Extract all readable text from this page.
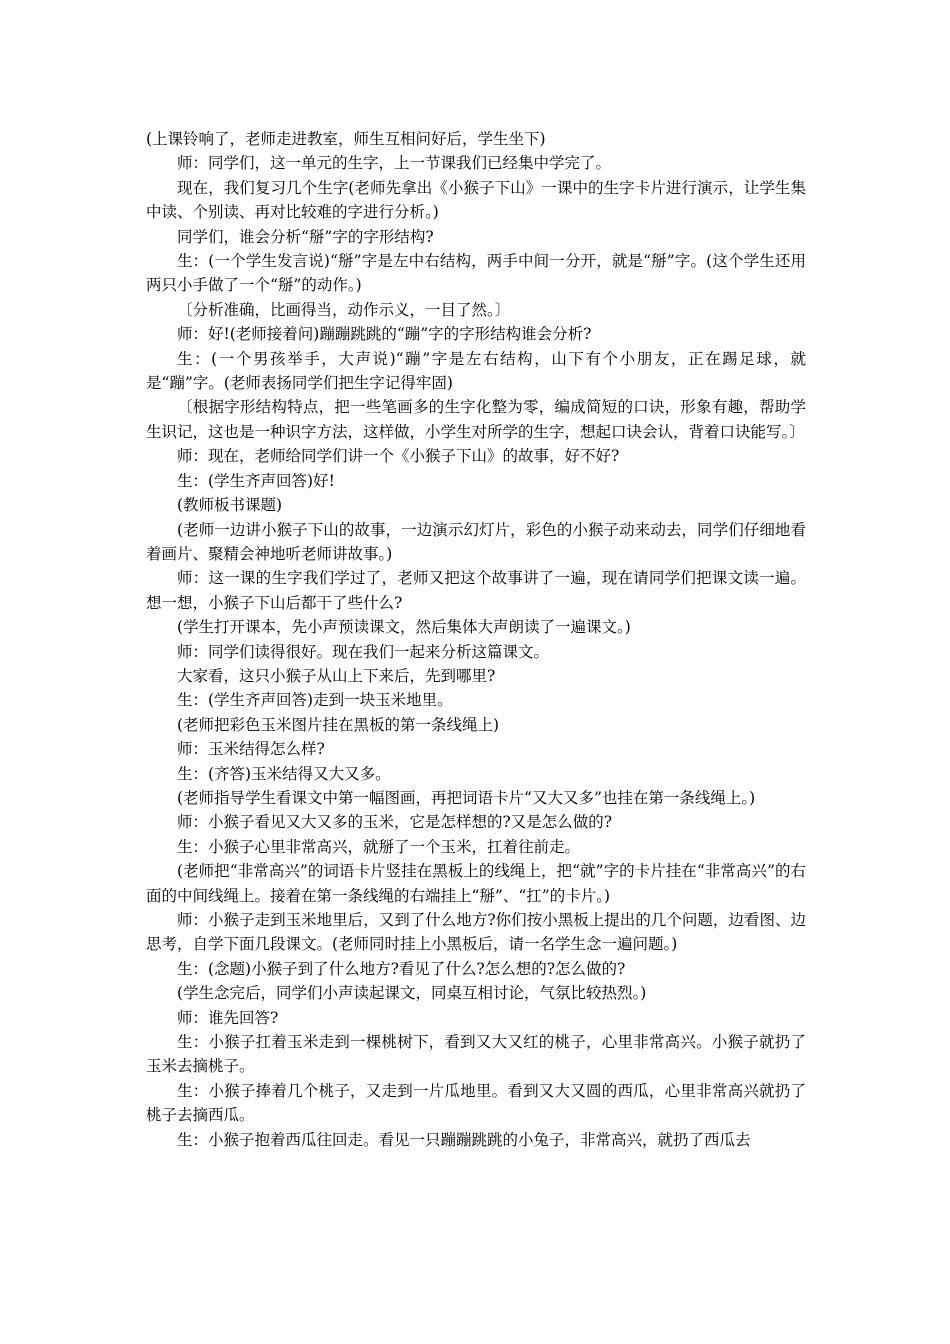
(上课铃响了，老师走进教室，师生互相问好后，学生坐下)

师：同学们，这一单元的生字，上一节课我们已经集中学完了。

现在，我们复习几个生字(老师先拿出《小猴子下山》一课中的生字卡片进行演示，让学生集中读、个别读、再对比较难的字进行分析。)

同学们，谁会分析“掰”字的字形结构?

生：(一个学生发言说)“掰”字是左中右结构，两手中间一分开，就是“掰”字。(这个学生还用两只小手做了一个“掰”的动作。)

〔分析准确，比画得当，动作示义，一目了然。〕

师：好!(老师接着问)蹦蹦跳跳的“蹦”字的字形结构谁会分析?

生：(一个男孩举手，大声说)“蹦”字是左右结构，山下有个小朋友，正在踢足球，就是“蹦”字。(老师表扬同学们把生字记得牢固)

〔根据字形结构特点，把一些笔画多的生字化整为零，编成简短的口诀，形象有趣，帮助学生识记，这也是一种识字方法，这样做，小学生对所学的生字，想起口诀会认，背着口诀能写。〕

师：现在，老师给同学们讲一个《小猴子下山》的故事，好不好?

生：(学生齐声回答)好!

(教师板书课题)

(老师一边讲小猴子下山的故事，一边演示幻灯片，彩色的小猴子动来动去，同学们仔细地看着画片、聚精会神地听老师讲故事。)

师：这一课的生字我们学过了，老师又把这个故事讲了一遍，现在请同学们把课文读一遍。想一想，小猴子下山后都干了些什么?

(学生打开课本，先小声预读课文，然后集体大声朗读了一遍课文。)

师：同学们读得很好。现在我们一起来分析这篇课文。

大家看，这只小猴子从山上下来后，先到哪里?

生：(学生齐声回答)走到一块玉米地里。

(老师把彩色玉米图片挂在黑板的第一条线绳上)

师：玉米结得怎么样?

生：(齐答)玉米结得又大又多。

(老师指导学生看课文中第一幅图画，再把词语卡片“又大又多”也挂在第一条线绳上。)

师：小猴子看见又大又多的玉米，它是怎样想的?又是怎么做的?

生：小猴子心里非常高兴，就掰了一个玉米，扛着往前走。

(老师把“非常高兴”的词语卡片竖挂在黑板上的线绳上，把“就”字的卡片挂在“非常高兴”的右面的中间线绳上。接着在第一条线绳的右端挂上“掰”、“扛”的卡片。)

师：小猴子走到玉米地里后，又到了什么地方?你们按小黑板上提出的几个问题，边看图、边思考，自学下面几段课文。(老师同时挂上小黑板后，请一名学生念一遍问题。)

生：(念题)小猴子到了什么地方?看见了什么?怎么想的?怎么做的?

(学生念完后，同学们小声读起课文，同桌互相讨论，气氛比较热烈。)

师：谁先回答?

生：小猴子扛着玉米走到一棵桃树下，看到又大又红的桃子，心里非常高兴。小猴子就扔了玉米去摘桃子。

生：小猴子捧着几个桃子，又走到一片瓜地里。看到又大又圆的西瓜，心里非常高兴就扔了桃子去摘西瓜。

生：小猴子抱着西瓜往回走。看见一只蹦蹦跳跳的小兔子，非常高兴，就扔了西瓜去
